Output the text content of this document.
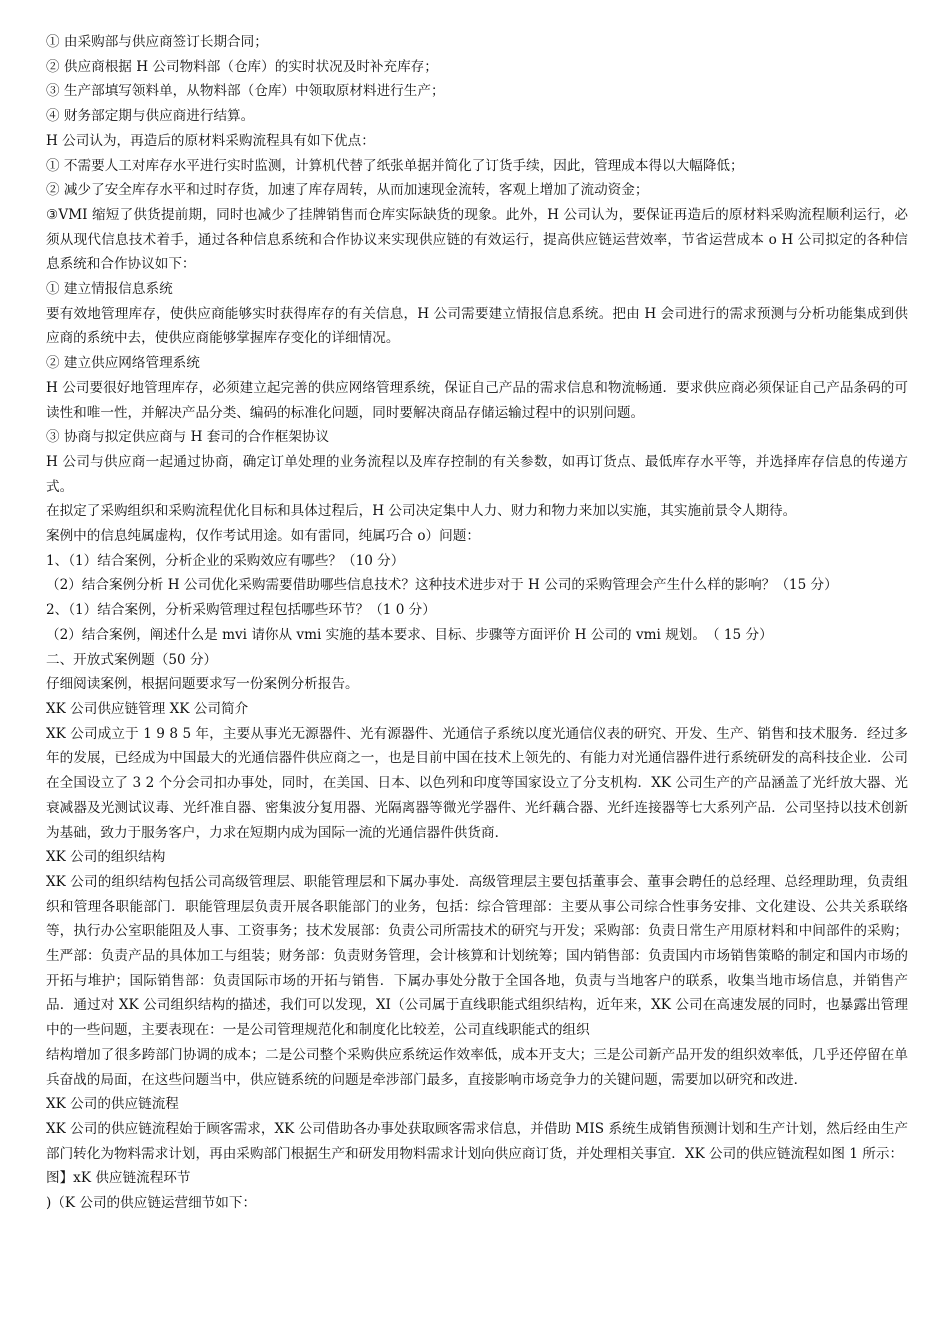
① 由采购部与供应商签订长期合同；

② 供应商根据 H 公司物料部（仓库）的实时状况及时补充库存；

③ 生产部填写领料单，从物料部（仓库）中领取原材料进行生产；

④ 财务部定期与供应商进行结算。

H 公司认为，再造后的原材料采购流程具有如下优点：

① 不需要人工对库存水平进行实时监测，计算机代替了纸张单据并简化了订货手续，因此，管理成本得以大幅降低；

② 减少了安全库存水平和过时存货，加速了库存周转，从而加速现金流转，客观上增加了流动资金；

③VMI 缩短了供货提前期，同时也减少了挂牌销售而仓库实际缺货的现象。此外，H 公司认为，要保证再造后的原材料采购流程顺利运行，必须从现代信息技术着手，通过各种信息系统和合作协议来实现供应链的有效运行，提高供应链运营效率，节省运营成本 o H 公司拟定的各种信息系统和合作协议如下：

① 建立情报信息系统

要有效地管理库存，使供应商能够实时获得库存的有关信息，H 公司需要建立情报信息系统。把由 H 会司进行的需求预测与分析功能集成到供应商的系统中去，使供应商能够掌握库存变化的详细情况。

② 建立供应网络管理系统

H 公司要很好地管理库存，必须建立起完善的供应网络管理系统，保证自己产品的需求信息和物流畅通．要求供应商必须保证自己产品条码的可读性和唯一性，并解决产品分类、编码的标准化问题，同时要解决商品存储运输过程中的识别问题。

③ 协商与拟定供应商与 H 套司的合作框架协议

H 公司与供应商一起通过协商，确定订单处理的业务流程以及库存控制的有关参数，如再订货点、最低库存水平等，并选择库存信息的传递方式。

在拟定了采购组织和采购流程优化目标和具体过程后，H 公司决定集中人力、财力和物力来加以实施，其实施前景令人期待。

案例中的信息纯属虚构，仅作考试用途。如有雷同，纯属巧合 o）问题：

1、（1）结合案例，分析企业的采购效应有哪些？（10 分）

（2）结合案例分析 H 公司优化采购需要借助哪些信息技术？这种技术进步对于 H 公司的采购管理会产生什么样的影响？（15 分）

2、（1）结合案例，分析采购管理过程包括哪些环节？（1 0 分）

（2）结合案例，阐述什么是 mvi 请你从 vmi 实施的基本要求、目标、步骤等方面评价 H 公司的 vmi 规划。　（ 15 分）

二、开放式案例题（50 分）

仔细阅读案例，根据问题要求写一份案例分析报告。

XK 公司供应链管理 XK 公司简介

XK 公司成立于 1 9 8 5 年，主要从事光无源器件、光有源器件、光通信子系统以度光通信仪表的研究、开发、生产、销售和技术服务．经过多年的发展，已经成为中国最大的光通信器件供应商之一，也是目前中国在技术上领先的、有能力对光通信器件进行系统研发的高科技企业．公司在全国设立了 3 2 个分会司扣办事处，同时，在美国、日本、以色列和印度等国家设立了分支机构．XK 公司生产的产品涵盖了光纤放大器、光衰减器及光测试议毒、光纤准自器、密集波分复用器、光隔离器等微光学器件、光纤藕合器、光纤连接器等七大系列产品．公司坚持以技术创新为基础，致力于服务客户，力求在短期内成为国际一流的光通信器件供货商．

XK 公司的组织结构

XK 公司的组织结构包括公司高级管理层、职能管理层和下属办事处．高级管理层主要包括董事会、董事会聘任的总经理、总经理助理，负责组织和管理各职能部门．职能管理层负责开展各职能部门的业务，包括：综合管理部：主要从事公司综合性事务安排、文化建设、公共关系联络等，执行办公室职能阻及人事、工资事务；技术发展部：负责公司所需技术的研究与开发；采购部：负责日常生产用原材料和中间部件的采购；生严部：负责产品的具体加工与组装；财务部：负责财务管理，会计核算和计划统筹；国内销售部：负责国内市场销售策略的制定和国内市场的开拓与堆护；国际销售部：负责国际市场的开拓与销售．下属办事处分散于全国各地，负责与当地客户的联系，收集当地市场信息，并销售产品．通过对 XK 公司组织结构的描述，我们可以发现，XI（公司属于直线职能式组织结构，近年来，XK 公司在高速发展的同时，也暴露出管理中的一些问题，主要表现在：一是公司管理规范化和制度化比较差，公司直线职能式的组织

结构增加了很多跨部门协调的成本；二是公司整个采购供应系统运作效率低，成本开支大；三是公司新产品开发的组织效率低，几乎还停留在单兵奋战的局面，在这些问题当中，供应链系统的问题是牵涉部门最多，直接影响市场竞争力的关键问题，需要加以研究和改进．

XK 公司的供应链流程

XK 公司的供应链流程始于顾客需求，XK 公司借助各办事处获取顾客需求信息，并借助 MIS 系统生成销售预测计划和生产计划，然后经由生产部门转化为物料需求计划，再由采购部门根据生产和研发用物料需求计划向供应商订货，并处理相关事宜．XK 公司的供应链流程如图 1 所示：

图】xK 供应链流程环节

)（K 公司的供应链运营细节如下：
